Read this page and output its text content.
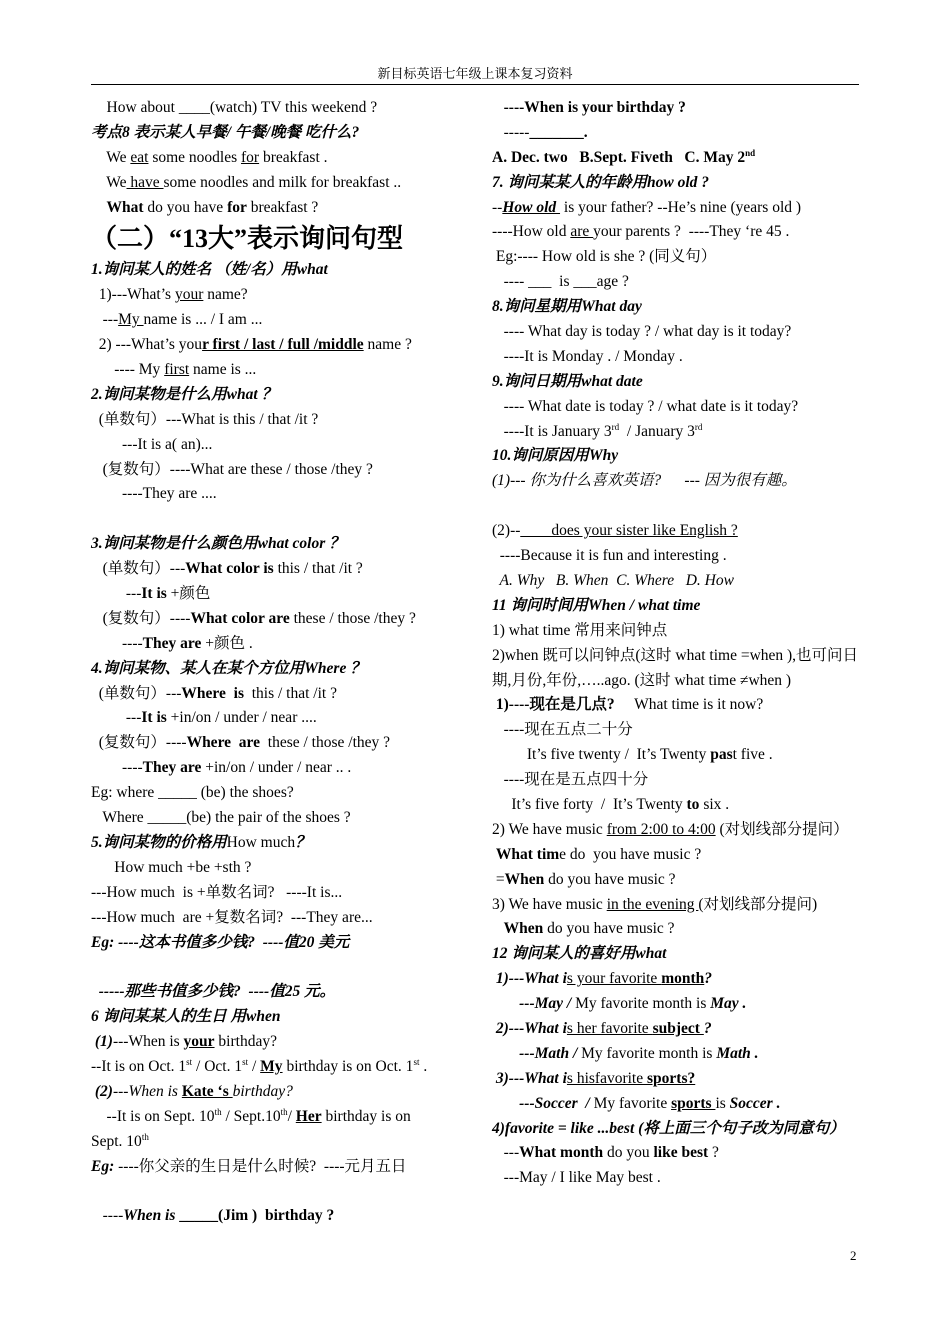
新目标英语七年级上课本复习资料
How about ____(watch) TV this weekend ?
考点8 表示某人早餐/ 午餐/晚餐 吃什么?
We eat some noodles for breakfast .
We have some noodles and milk for breakfast ..
What do you have for breakfast ?
（二）“13大”表示询问句型
1.询问某人的姓名 （姓/名）用what
1)---What’s your name?
---My name is ... / I am ...
2) ---What’s your first / last / full /middle name ?
---- My first name is ...
2.询问某物是什么用what ？
(单数句）---What is this / that /it ?
---It is a( an)...
(复数句）----What are these / those /they ?
----They are ....
3.询问某物是什么颜色用what color ？
(单数句）---What color is this / that /it ?
---It is +颜色
(复数句）----What color are these / those /they ?
----They are +颜色 .
4.询问某物、某人在某个方位用Where ？
(单数句）---Where  is  this / that /it ?
---It is +in/on / under / near ....
(复数句）----Where  are  these / those /they ?
----They are +in/on / under / near .. .
Eg: where _____ (be) the shoes?
Where _____(be) the pair of the shoes ?
5.询问某物的价格用How much？
How much +be +sth ?
---How much  is +单数名词?   ----It is...
---How much  are +复数名词?  ---They are...
Eg: ----这本书值多少钱?  ----值20 美元
-----那些书值多少钱?  ----值25 元。
6 询问某某人的生日 用when
(1)---When is your birthday?
--It is on Oct. 1st / Oct. 1st / My birthday is on Oct. 1st .
(2)---When is Kate ‘s birthday?
--It is on Sept. 10th / Sept.10th/ Her birthday is on
Sept. 10th
Eg: ----你父亲的生日是什么时候?  ----元月五日
----When is _____(Jim )  birthday ?
----When is your birthday ?
-----_______.
A. Dec. two   B.Sept. Fiveth   C. May 2nd
7. 询问某某人的年龄用how old ?
--How old  is your father? --He’s nine (years old )
----How old are your parents ?  ----They ‘re 45 .
Eg:---- How old is she ? (同义句）
---- ___  is ___age ?
8.询问星期用What day
---- What day is today ? / what day is it today?
----It is Monday . / Monday .
9.询问日期用what date
---- What date is today ? / what date is it today?
----It is January 3rd  / January 3rd
10.询问原因用Why
(1)--- 你为什么喜欢英语?      --- 因为很有趣。
(2)--___  does your sister like English ?
----Because it is fun and interesting .
A. Why   B. When  C. Where   D. How
11 询问时间用When / what time
1) what time 常用来问钟点
2)when 既可以问钟点(这时 what time =when ),也可问日期,月份,年份,…..ago. (这时 what time ≠when )
1)----现在是几点?     What time is it now?
----现在五点二十分
It’s five twenty /  It’s Twenty past five .
----现在是五点四十分
It’s five forty  /  It’s Twenty to six .
2) We have music from 2:00 to 4:00 (对划线部分提问）
What time do  you have music ?
=When do you have music ?
3) We have music in the evening (对划线部分提问)
When do you have music ?
12 询问某人的喜好用what
1)---What is your favorite month?
---May / My favorite month is May .
2)---What is her favorite subject ?
---Math / My favorite month is Math .
3)---What is hisfavorite sports?
---Soccer  / My favorite sports is Soccer .
4)favorite = like ...best (将上面三个句子改为同意句）
---What month do you like best ?
---May / I like May best .
2
